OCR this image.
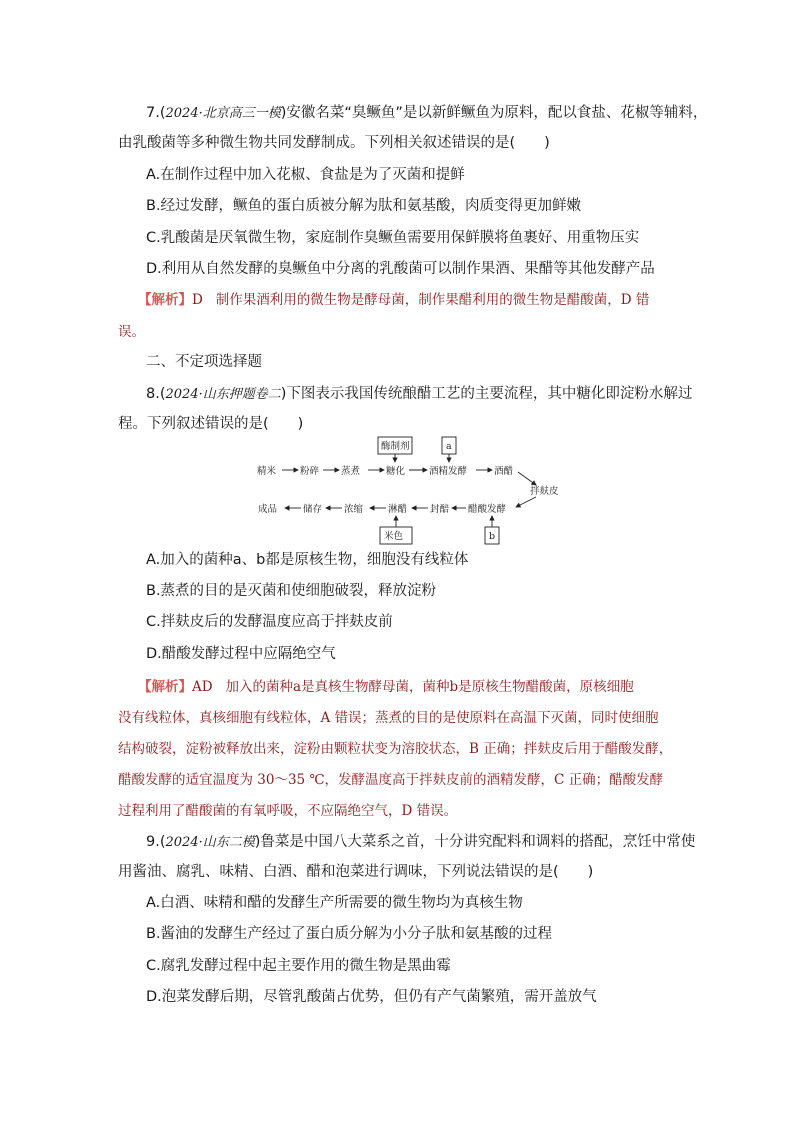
7.(2024·北京高三一模)安徽名菜“臭鳜鱼”是以新鲜鳜鱼为原料，配以食盐、花椒等辅料，
由乳酸菌等多种微生物共同发酵制成。下列相关叙述错误的是(　　)
A.在制作过程中加入花椒、食盐是为了灭菌和提鲜
B.经过发酵，鳜鱼的蛋白质被分解为肽和氨基酸，肉质变得更加鲜嫩
C.乳酸菌是厌氧微生物，家庭制作臭鳜鱼需要用保鲜膜将鱼裹好、用重物压实
D.利用从自然发酵的臭鳜鱼中分离的乳酸菌可以制作果酒、果醋等其他发酵产品
【解析】D 制作果酒利用的微生物是酵母菌，制作果醋利用的微生物是醋酸菌，D 错
误。
二、不定项选择题
8.(2024·山东押题卷二)下图表示我国传统酿醋工艺的主要流程，其中糖化即淀粉水解过
程。下列叙述错误的是(　　)
酶制剂	a
精米	粉碎 蒸煮	糖化	酒精发酵	酒醋
拌麸皮
醋酸发酵
封醅
淋醋
浓缩
储存
成品
米色	b
A.加入的菌种a、b都是原核生物，细胞没有线粒体
B.蒸煮的目的是灭菌和使细胞破裂，释放淀粉
C.拌麸皮后的发酵温度应高于拌麸皮前
D.醋酸发酵过程中应隔绝空气
【解析】AD 加入的菌种a是真核生物酵母菌，菌种b是原核生物醋酸菌，原核细胞
没有线粒体，真核细胞有线粒体，A 错误；蒸煮的目的是使原料在高温下灭菌，同时使细胞
结构破裂，淀粉被释放出来，淀粉由颗粒状变为溶胶状态，B 正确；拌麸皮后用于醋酸发酵，
醋酸发酵的适宜温度为 30～35 ℃，发酵温度高于拌麸皮前的酒精发酵，C 正确；醋酸发酵
过程利用了醋酸菌的有氧呼吸，不应隔绝空气，D 错误。
9.(2024·山东二模)鲁菜是中国八大菜系之首，十分讲究配料和调料的搭配，烹饪中常使
用酱油、腐乳、味精、白酒、醋和泡菜进行调味，下列说法错误的是(　　)
A.白酒、味精和醋的发酵生产所需要的微生物均为真核生物
B.酱油的发酵生产经过了蛋白质分解为小分子肽和氨基酸的过程
C.腐乳发酵过程中起主要作用的微生物是黑曲霉
D.泡菜发酵后期，尽管乳酸菌占优势，但仍有产气菌繁殖，需开盖放气
